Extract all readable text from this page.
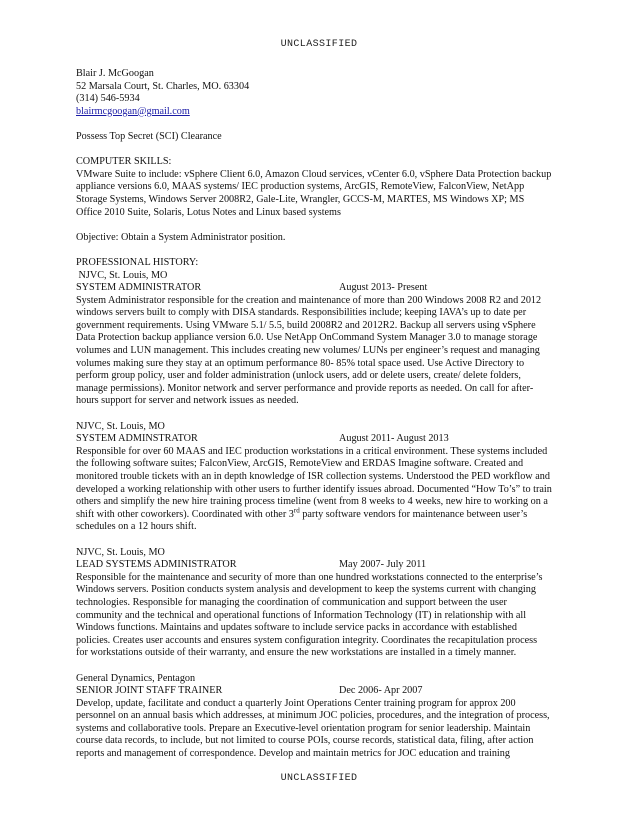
UNCLASSIFIED
Blair J. McGoogan
52 Marsala Court, St. Charles, MO. 63304
(314) 546-5934
blairmcgoogan@gmail.com
Possess Top Secret (SCI) Clearance
COMPUTER SKILLS:
VMware Suite to include: vSphere Client 6.0, Amazon Cloud services, vCenter 6.0, vSphere Data Protection backup
appliance versions 6.0, MAAS systems/ IEC production systems, ArcGIS, RemoteView, FalconView, NetApp
Storage Systems, Windows Server 2008R2, Gale-Lite, Wrangler, GCCS-M, MARTES, MS Windows XP; MS
Office 2010 Suite, Solaris, Lotus Notes and Linux based systems
Objective: Obtain a System Administrator position.
PROFESSIONAL HISTORY:
NJVC, St. Louis, MO
SYSTEM ADMINISTRATOR	August 2013- Present
System Administrator responsible for the creation and maintenance of more than 200 Windows 2008 R2 and 2012
windows servers built to comply with DISA standards. Responsibilities include; keeping IAVA’s up to date per
government requirements. Using VMware 5.1/ 5.5, build 2008R2 and 2012R2. Backup all servers using vSphere
Data Protection backup appliance version 6.0. Use NetApp OnCommand System Manager 3.0 to manage storage
volumes and LUN management. This includes creating new volumes/ LUNs per engineer’s request and managing
volumes making sure they stay at an optimum performance 80- 85% total space used. Use Active Directory to
perform group policy, user and folder administration (unlock users, add or delete users, create/ delete folders,
manage permissions). Monitor network and server performance and provide reports as needed. On call for after-
hours support for server and network issues as needed.
NJVC, St. Louis, MO
SYSTEM ADMINSTRATOR	August 2011- August 2013
Responsible for over 60 MAAS and IEC production workstations in a critical environment. These systems included
the following software suites; FalconView, ArcGIS, RemoteView and ERDAS Imagine software. Created and
monitored trouble tickets with an in depth knowledge of ISR collection systems. Understood the PED workflow and
developed a working relationship with other users to further identify issues abroad. Documented “How To’s” to train
others and simplify the new hire training process timeline (went from 8 weeks to 4 weeks, new hire to working on a
shift with other coworkers). Coordinated with other 3rd party software vendors for maintenance between user’s
schedules on a 12 hours shift.
NJVC, St. Louis, MO
LEAD SYSTEMS ADMINISTRATOR	May 2007- July 2011
Responsible for the maintenance and security of more than one hundred workstations connected to the enterprise’s
Windows servers. Position conducts system analysis and development to keep the systems current with changing
technologies. Responsible for managing the coordination of communication and support between the user
community and the technical and operational functions of Information Technology (IT) in relationship with all
Windows functions. Maintains and updates software to include service packs in accordance with established
policies. Creates user accounts and ensures system configuration integrity. Coordinates the recapitulation process
for workstations outside of their warranty, and ensure the new workstations are installed in a timely manner.
General Dynamics, Pentagon
SENIOR JOINT STAFF TRAINER	Dec 2006- Apr 2007
Develop, update, facilitate and conduct a quarterly Joint Operations Center training program for approx 200
personnel on an annual basis which addresses, at minimum JOC policies, procedures, and the integration of process,
systems and collaborative tools. Prepare an Executive-level orientation program for senior leadership. Maintain
course data records, to include, but not limited to course POIs, course records, statistical data, filing, after action
reports and management of correspondence. Develop and maintain metrics for JOC education and training
UNCLASSIFIED
